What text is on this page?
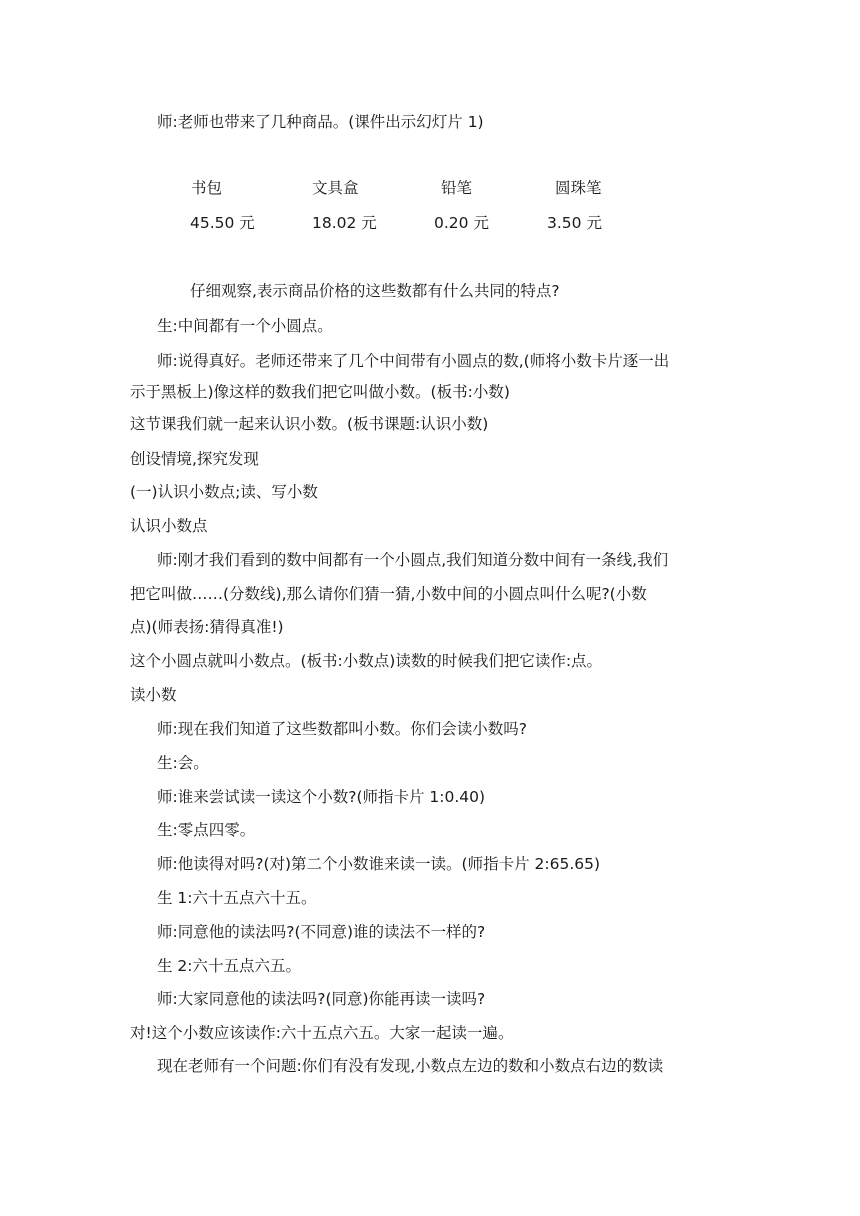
师:老师也带来了几种商品。(课件出示幻灯片 1)
书包	文具盒	铅笔	圆珠笔
45.50 元	18.02 元	0.20 元	3.50 元
仔细观察,表示商品价格的这些数都有什么共同的特点?
生:中间都有一个小圆点。
师:说得真好。老师还带来了几个中间带有小圆点的数,(师将小数卡片逐一出
示于黑板上)像这样的数我们把它叫做小数。(板书:小数)
这节课我们就一起来认识小数。(板书课题:认识小数)
创设情境,探究发现
(一)认识小数点;读、写小数
认识小数点
师:刚才我们看到的数中间都有一个小圆点,我们知道分数中间有一条线,我们
把它叫做……(分数线),那么请你们猜一猜,小数中间的小圆点叫什么呢?(小数
点)(师表扬:猜得真准!)
这个小圆点就叫小数点。(板书:小数点)读数的时候我们把它读作:点。
读小数
师:现在我们知道了这些数都叫小数。你们会读小数吗?
生:会。
师:谁来尝试读一读这个小数?(师指卡片 1:0.40)
生:零点四零。
师:他读得对吗?(对)第二个小数谁来读一读。(师指卡片 2:65.65)
生 1:六十五点六十五。
师:同意他的读法吗?(不同意)谁的读法不一样的?
生 2:六十五点六五。
师:大家同意他的读法吗?(同意)你能再读一读吗?
对!这个小数应该读作:六十五点六五。大家一起读一遍。
现在老师有一个问题:你们有没有发现,小数点左边的数和小数点右边的数读
